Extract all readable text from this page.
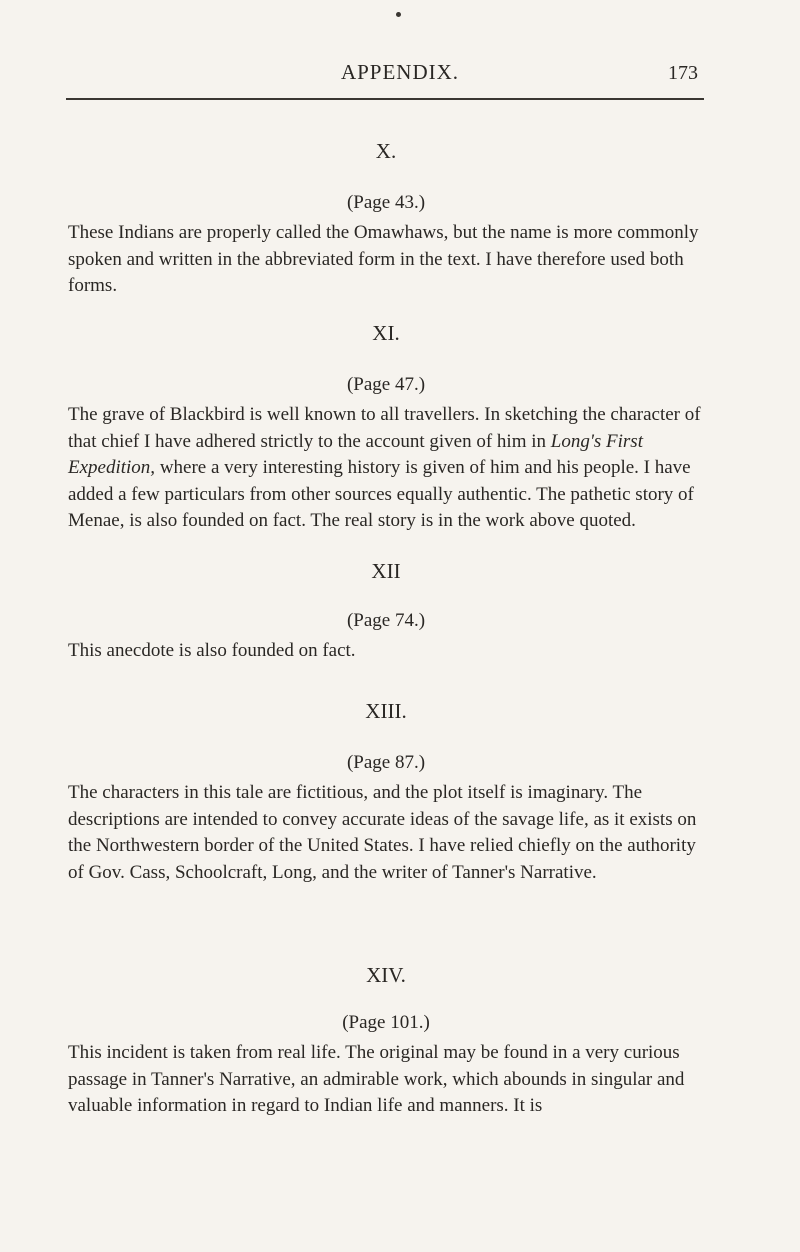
APPENDIX.	173

X.

(Page 43.)

These Indians are properly called the Omawhaws, but the name is more commonly spoken and written in the abbreviated form in the text. I have therefore used both forms.

XI.

(Page 47.)

The grave of Blackbird is well known to all travellers. In sketching the character of that chief I have adhered strictly to the account given of him in Long's First Expedition, where a very interesting history is given of him and his people. I have added a few particulars from other sources equally authentic. The pathetic story of Menae, is also founded on fact. The real story is in the work above quoted.

XII

(Page 74.)

This anecdote is also founded on fact.

XIII.

(Page 87.)

The characters in this tale are fictitious, and the plot itself is imaginary. The descriptions are intended to convey accurate ideas of the savage life, as it exists on the Northwestern border of the United States. I have relied chiefly on the authority of Gov. Cass, Schoolcraft, Long, and the writer of Tanner's Narrative.

XIV.

(Page 101.)

This incident is taken from real life. The original may be found in a very curious passage in Tanner's Narrative, an admirable work, which abounds in singular and valuable information in regard to Indian life and manners. It is
